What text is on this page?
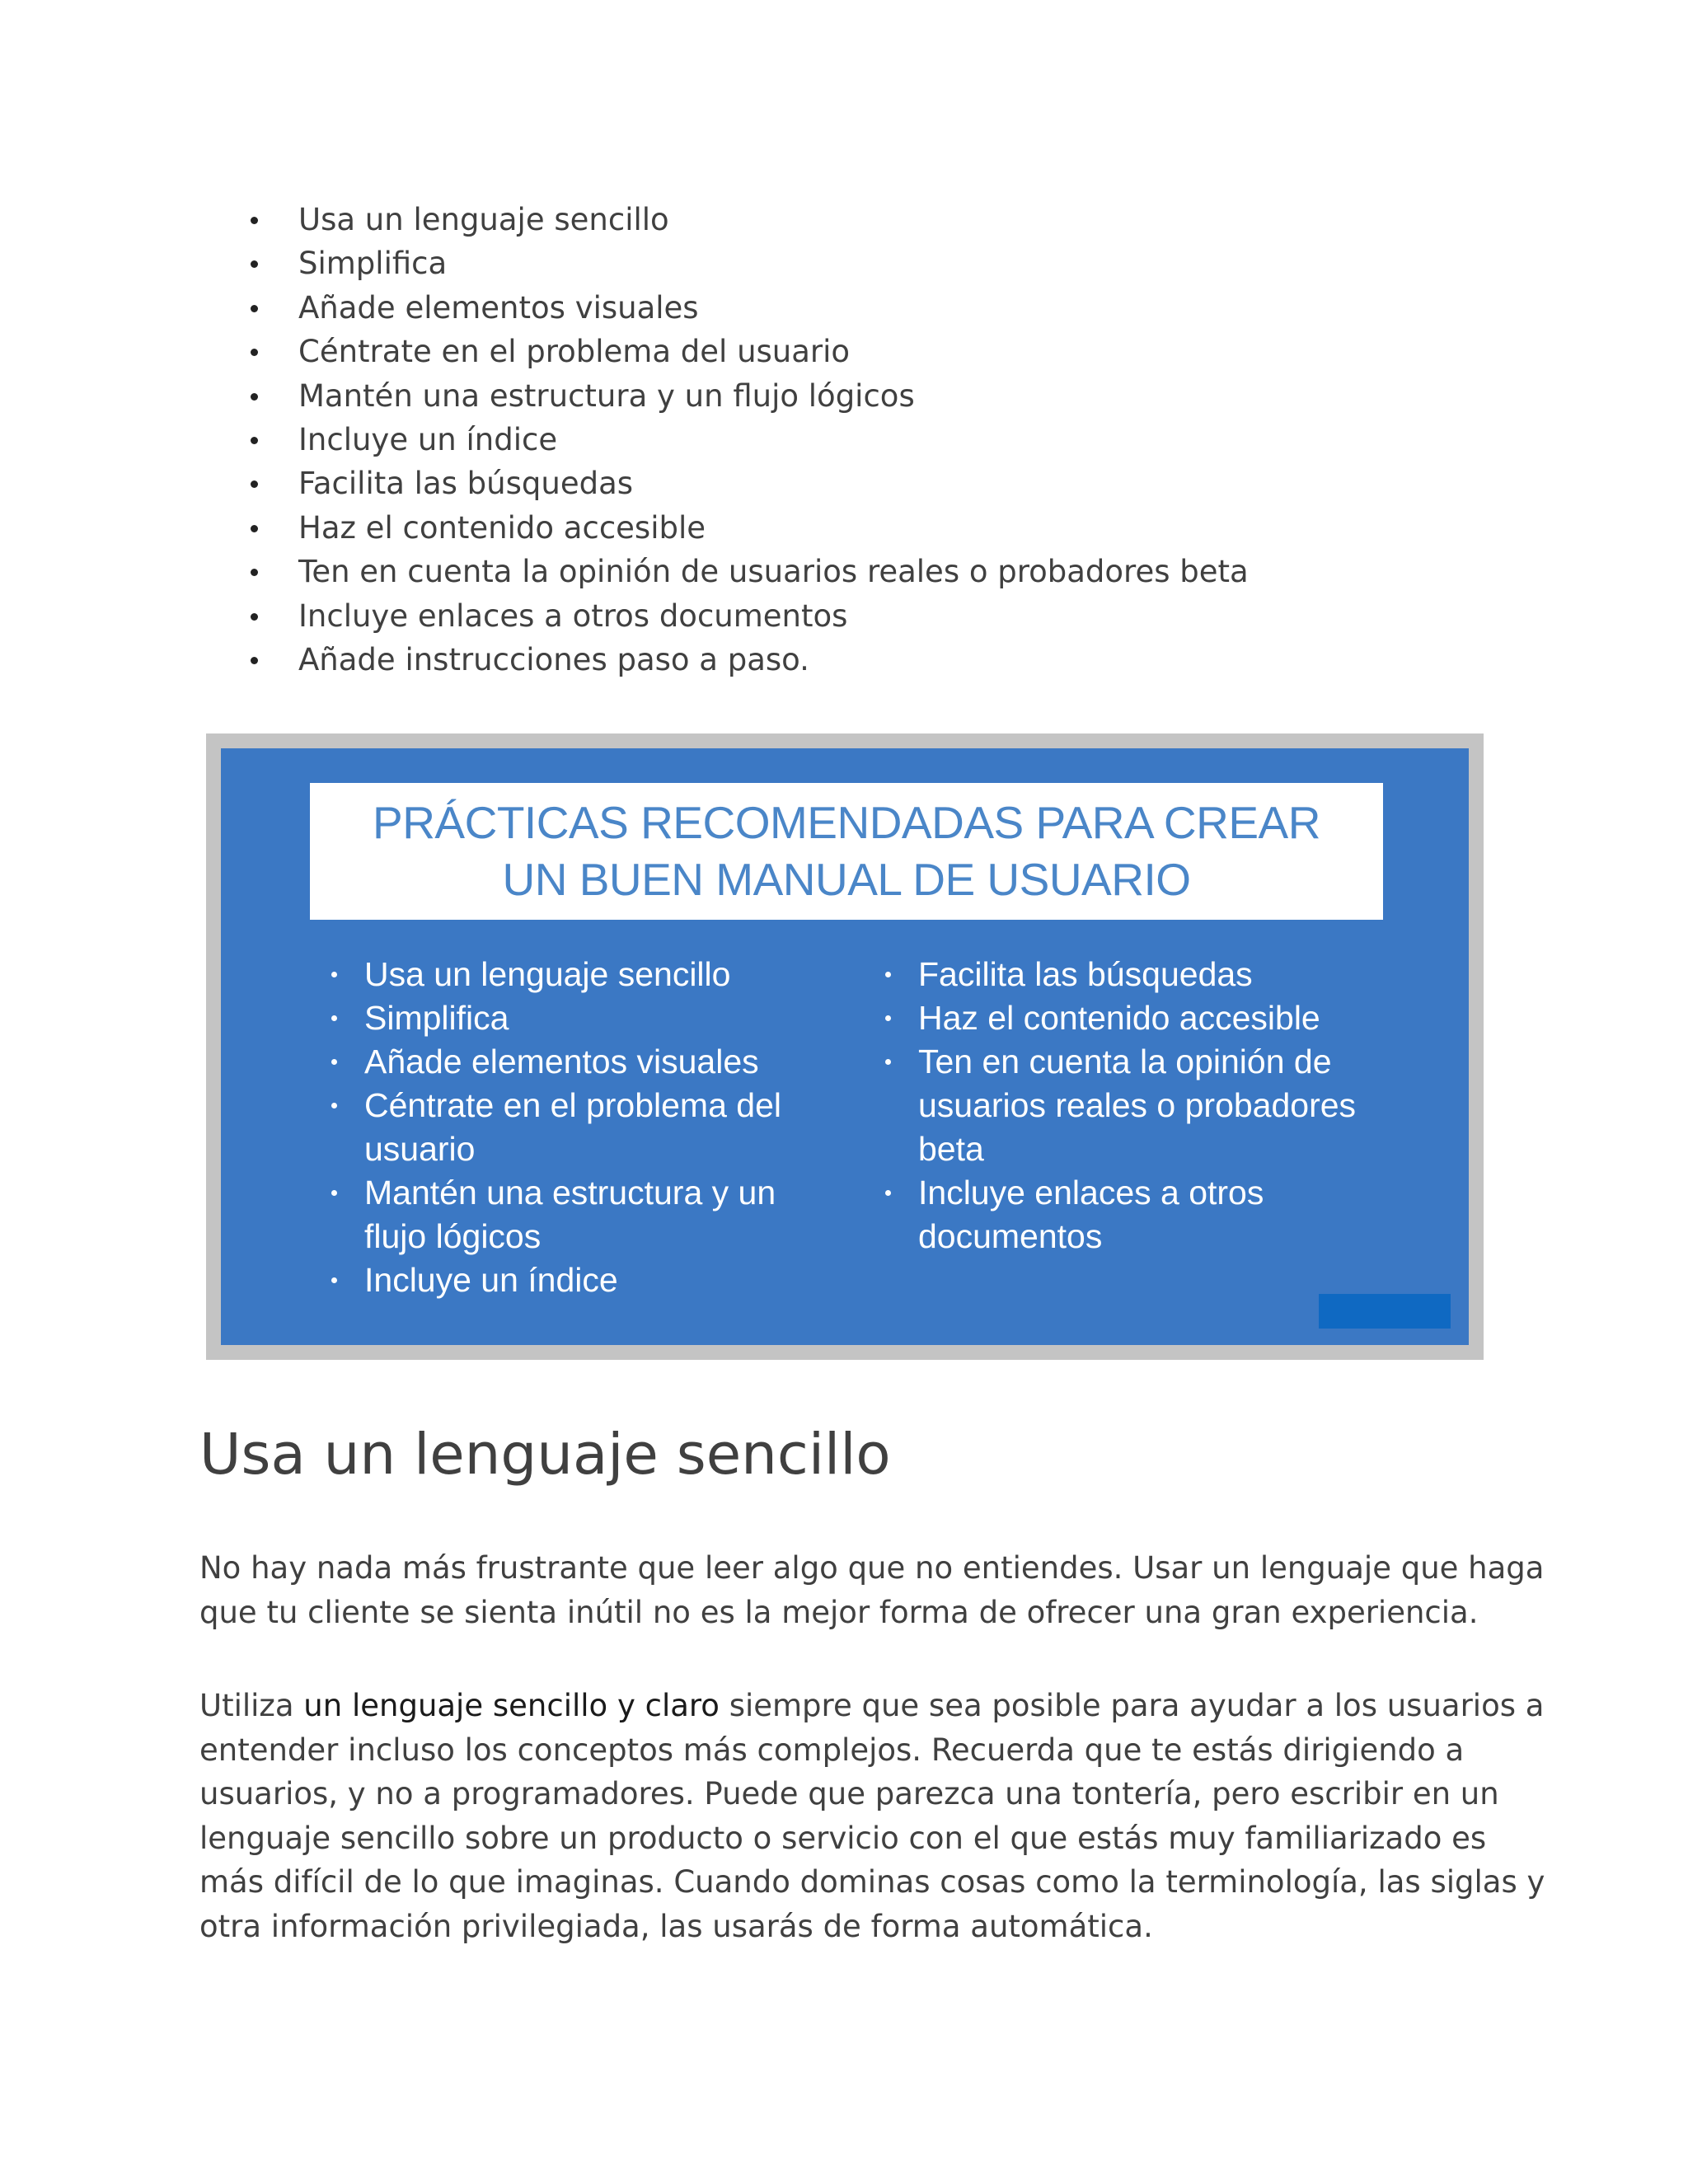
Usa un lenguaje sencillo
Simplifica
Añade elementos visuales
Céntrate en el problema del usuario
Mantén una estructura y un flujo lógicos
Incluye un índice
Facilita las búsquedas
Haz el contenido accesible
Ten en cuenta la opinión de usuarios reales o probadores beta
Incluye enlaces a otros documentos
Añade instrucciones paso a paso.
PRÁCTICAS RECOMENDADAS PARA CREAR
UN BUEN MANUAL DE USUARIO
Usa un lenguaje sencillo
Simplifica
Añade elementos visuales
Céntrate en el problema del usuario
Mantén una estructura y un flujo lógicos
Incluye un índice
Facilita las búsquedas
Haz el contenido accesible
Ten en cuenta la opinión de usuarios reales o probadores beta
Incluye enlaces a otros documentos
Usa un lenguaje sencillo

No hay nada más frustrante que leer algo que no entiendes. Usar un lenguaje que haga
que tu cliente se sienta inútil no es la mejor forma de ofrecer una gran experiencia.

Utiliza un lenguaje sencillo y claro siempre que sea posible para ayudar a los usuarios a
entender incluso los conceptos más complejos. Recuerda que te estás dirigiendo a
usuarios, y no a programadores. Puede que parezca una tontería, pero escribir en un
lenguaje sencillo sobre un producto o servicio con el que estás muy familiarizado es
más difícil de lo que imaginas. Cuando dominas cosas como la terminología, las siglas y
otra información privilegiada, las usarás de forma automática.
